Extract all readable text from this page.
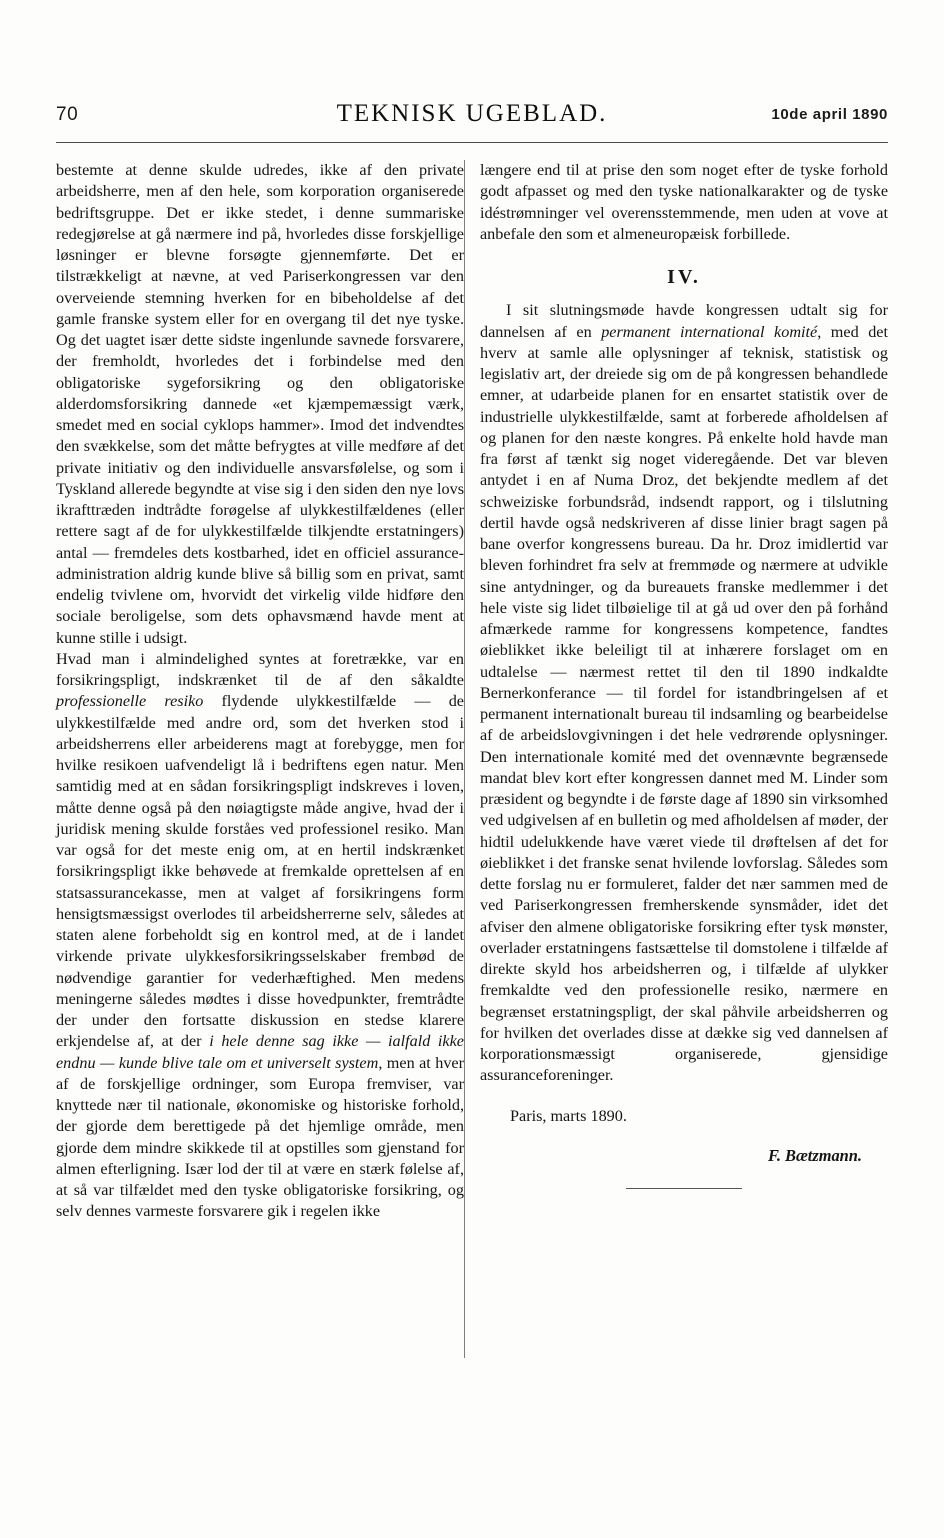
70	TEKNISK UGEBLAD.	10de april 1890

bestemte at denne skulde udredes, ikke af den private arbeidsherre, men af den hele, som korporation organiserede bedriftsgruppe. Det er ikke stedet, i denne summariske redegjørelse at gå nærmere ind på, hvorledes disse forskjellige løsninger er blevne forsøgte gjennemførte. Det er tilstrækkeligt at nævne, at ved Pariserkongressen var den overveiende stemning hverken for en bibeholdelse af det gamle franske system eller for en overgang til det nye tyske. Og det uagtet især dette sidste ingenlunde savnede forsvarere, der fremholdt, hvorledes det i forbindelse med den obligatoriske sygeforsikring og den obligatoriske alderdomsforsikring dannede «et kjæmpemæssigt værk, smedet med en social cyklops hammer». Imod det indvendtes den svækkelse, som det måtte befrygtes at ville medføre af det private initiativ og den individuelle ansvarsfølelse, og som i Tyskland allerede begyndte at vise sig i den siden den nye lovs ikrafttræden indtrådte forøgelse af ulykkestilfældenes (eller rettere sagt af de for ulykkestilfælde tilkjendte erstatningers) antal — fremdeles dets kostbarhed, idet en officiel assurance-administration aldrig kunde blive så billig som en privat, samt endelig tvivlene om, hvorvidt det virkelig vilde hidføre den sociale beroligelse, som dets ophavsmænd havde ment at kunne stille i udsigt.

Hvad man i almindelighed syntes at foretrække, var en forsikringspligt, indskrænket til de af den såkaldte professionelle resiko flydende ulykkestilfælde — de ulykkestilfælde med andre ord, som det hverken stod i arbeidsherrens eller arbeiderens magt at forebygge, men for hvilke resikoen uafvendeligt lå i bedriftens egen natur. Men samtidig med at en sådan forsikringspligt indskreves i loven, måtte denne også på den nøiagtigste måde angive, hvad der i juridisk mening skulde forståes ved professionel resiko. Man var også for det meste enig om, at en hertil indskrænket forsikringspligt ikke behøvede at fremkalde oprettelsen af en statsassurancekasse, men at valget af forsikringens form hensigtsmæssigst overlodes til arbeidsherrerne selv, således at staten alene forbeholdt sig en kontrol med, at de i landet virkende private ulykkesforsikringsselskaber frembød de nødvendige garantier for vederhæftighed. Men medens meningerne således mødtes i disse hovedpunkter, fremtrådte der under den fortsatte diskussion en stedse klarere erkjendelse af, at der i hele denne sag ikke — ialfald ikke endnu — kunde blive tale om et universelt system, men at hver af de forskjellige ordninger, som Europa fremviser, var knyttede nær til nationale, økonomiske og historiske forhold, der gjorde dem berettigede på det hjemlige område, men gjorde dem mindre skikkede til at opstilles som gjenstand for almen efterligning. Især lod der til at være en stærk følelse af, at så var tilfældet med den tyske obligatoriske forsikring, og selv dennes varmeste forsvarere gik i regelen ikke

længere end til at prise den som noget efter de tyske forhold godt afpasset og med den tyske nationalkarakter og de tyske idéstrømninger vel overensstemmende, men uden at vove at anbefale den som et almeneuropæisk forbillede.

IV.

I sit slutningsmøde havde kongressen udtalt sig for dannelsen af en permanent international komité, med det hverv at samle alle oplysninger af teknisk, statistisk og legislativ art, der dreiede sig om de på kongressen behandlede emner, at udarbeide planen for en ensartet statistik over de industrielle ulykkestilfælde, samt at forberede afholdelsen af og planen for den næste kongres. På enkelte hold havde man fra først af tænkt sig noget videregående. Det var bleven antydet i en af Numa Droz, det bekjendte medlem af det schweiziske forbundsråd, indsendt rapport, og i tilslutning dertil havde også nedskriveren af disse linier bragt sagen på bane overfor kongressens bureau. Da hr. Droz imidlertid var bleven forhindret fra selv at fremmøde og nærmere at udvikle sine antydninger, og da bureauets franske medlemmer i det hele viste sig lidet tilbøielige til at gå ud over den på forhånd afmærkede ramme for kongressens kompetence, fandtes øieblikket ikke beleiligt til at inhærere forslaget om en udtalelse — nærmest rettet til den til 1890 indkaldte Bernerkonferance — til fordel for istandbringelsen af et permanent internationalt bureau til indsamling og bearbeidelse af de arbeidslovgivningen i det hele vedrørende oplysninger. Den internationale komité med det ovennævnte begrænsede mandat blev kort efter kongressen dannet med M. Linder som præsident og begyndte i de første dage af 1890 sin virksomhed ved udgivelsen af en bulletin og med afholdelsen af møder, der hidtil udelukkende have været viede til drøftelsen af det for øieblikket i det franske senat hvilende lovforslag. Således som dette forslag nu er formuleret, falder det nær sammen med de ved Pariserkongressen fremherskende synsmåder, idet det afviser den almene obligatoriske forsikring efter tysk mønster, overlader erstatningens fastsættelse til domstolene i tilfælde af direkte skyld hos arbeidsherren og, i tilfælde af ulykker fremkaldte ved den professionelle resiko, nærmere en begrænset erstatningspligt, der skal påhvile arbeidsherren og for hvilken det overlades disse at dække sig ved dannelsen af korporationsmæssigt organiserede, gjensidige assuranceforeninger.

Paris, marts 1890.

F. Bætzmann.
